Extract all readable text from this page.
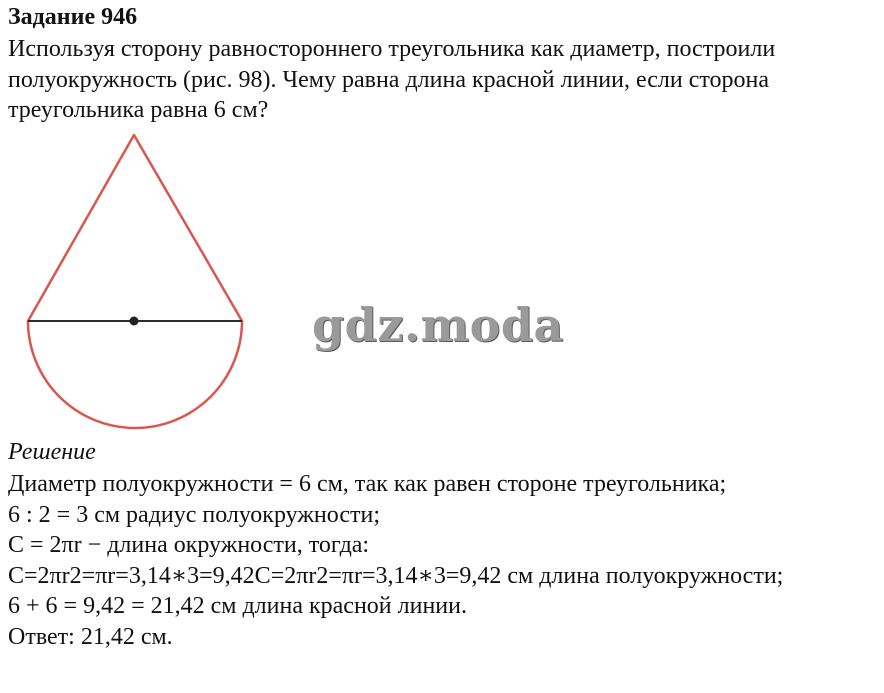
Задание 946
Используя сторону равностороннего треугольника как диаметр, построили
полуокружность (рис. 98). Чему равна длина красной линии, если сторона
треугольника равна 6 см?
gdz.moda
Решение
Диаметр полуокружности = 6 см, так как равен стороне треугольника;
6 : 2 = 3 см радиус полуокружности;
C = 2πr − длина окружности, тогда:
C=2πr2=πr=3,14∗3=9,42C=2πr2=πr=3,14∗3=9,42 см длина полуокружности;
6 + 6 = 9,42 = 21,42 см длина красной линии.
Ответ: 21,42 см.
